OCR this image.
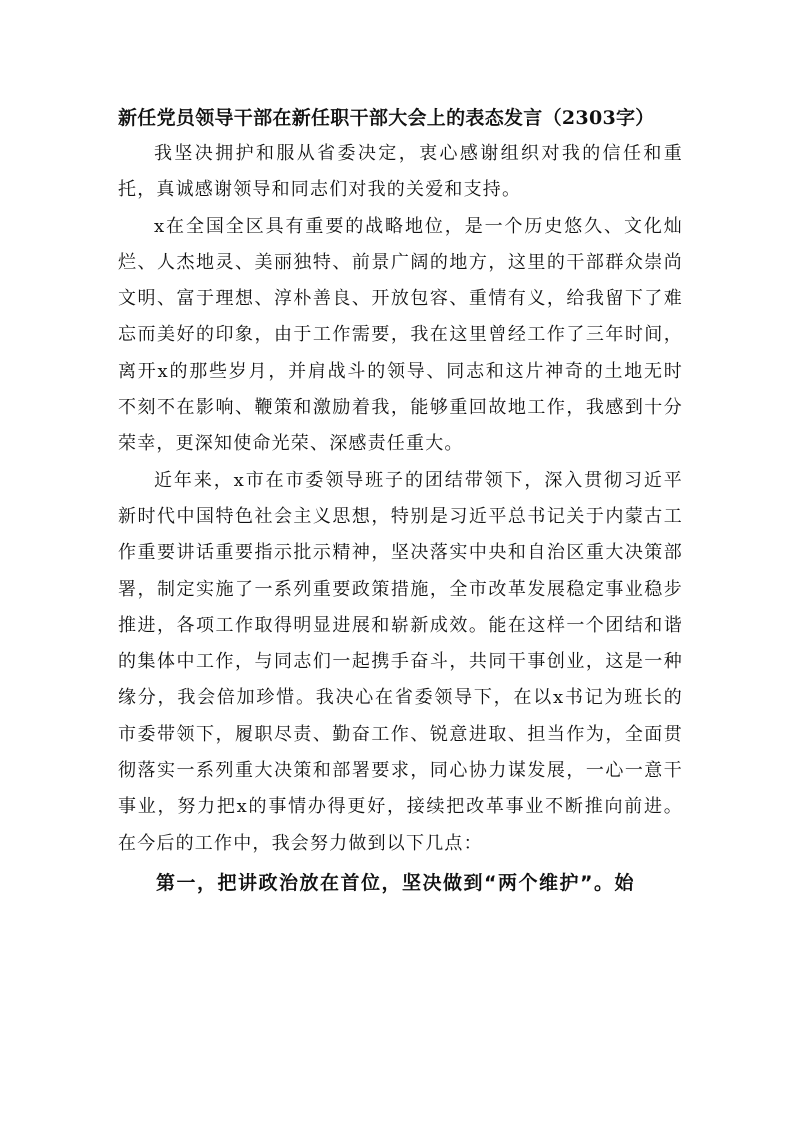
新任党员领导干部在新任职干部大会上的表态发言（2303字）

我坚决拥护和服从省委决定，衷心感谢组织对我的信任和重托，真诚感谢领导和同志们对我的关爱和支持。

x在全国全区具有重要的战略地位，是一个历史悠久、文化灿烂、人杰地灵、美丽独特、前景广阔的地方，这里的干部群众崇尚文明、富于理想、淳朴善良、开放包容、重情有义，给我留下了难忘而美好的印象，由于工作需要，我在这里曾经工作了三年时间，离开x的那些岁月，并肩战斗的领导、同志和这片神奇的土地无时不刻不在影响、鞭策和激励着我，能够重回故地工作，我感到十分荣幸，更深知使命光荣、深感责任重大。

近年来，x市在市委领导班子的团结带领下，深入贯彻习近平新时代中国特色社会主义思想，特别是习近平总书记关于内蒙古工作重要讲话重要指示批示精神，坚决落实中央和自治区重大决策部署，制定实施了一系列重要政策措施，全市改革发展稳定事业稳步推进，各项工作取得明显进展和崭新成效。能在这样一个团结和谐的集体中工作，与同志们一起携手奋斗，共同干事创业，这是一种缘分，我会倍加珍惜。我决心在省委领导下，在以x书记为班长的市委带领下，履职尽责、勤奋工作、锐意进取、担当作为，全面贯彻落实一系列重大决策和部署要求，同心协力谋发展，一心一意干事业，努力把x的事情办得更好，接续把改革事业不断推向前进。在今后的工作中，我会努力做到以下几点：

第一，把讲政治放在首位，坚决做到“两个维护”。始
